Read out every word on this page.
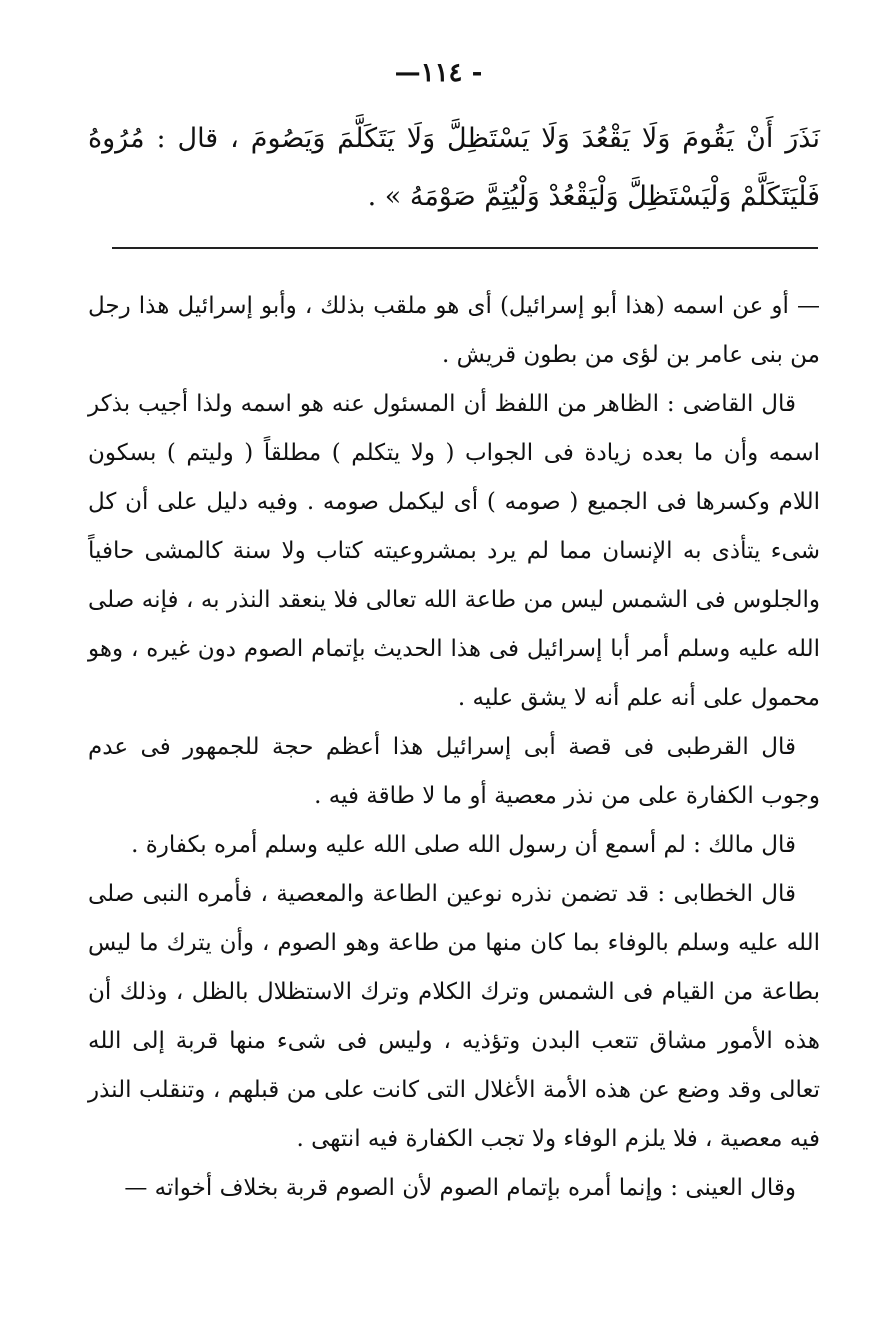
—١١٤ -
نَذَرَ أَنْ يَقُومَ وَلَا يَقْعُدَ وَلَا يَسْتَظِلَّ وَلَا يَتَكَلَّمَ وَيَصُومَ ، قال : مُرُوهُ فَلْيَتَكَلَّمْ وَلْيَسْتَظِلَّ وَلْيَقْعُدْ وَلْيُتِمَّ صَوْمَهُ » .

— أو عن اسمه (هذا أبو إسرائيل) أى هو ملقب بذلك ، وأبو إسرائيل هذا رجل من بنى عامر بن لؤى من بطون قريش .

قال القاضى : الظاهر من اللفظ أن المسئول عنه هو اسمه ولذا أجيب بذكر اسمه وأن ما بعده زيادة فى الجواب ( ولا يتكلم ) مطلقاً ( وليتم ) بسكون اللام وكسرها فى الجميع ( صومه ) أى ليكمل صومه . وفيه دليل على أن كل شىء يتأذى به الإنسان مما لم يرد بمشروعيته كتاب ولا سنة كالمشى حافياً والجلوس فى الشمس ليس من طاعة الله تعالى فلا ينعقد النذر به ، فإنه صلى الله عليه وسلم أمر أبا إسرائيل فى هذا الحديث بإتمام الصوم دون غيره ، وهو محمول على أنه علم أنه لا يشق عليه .

قال القرطبى فى قصة أبى إسرائيل هذا أعظم حجة للجمهور فى عدم وجوب الكفارة على من نذر معصية أو ما لا طاقة فيه .

قال مالك : لم أسمع أن رسول الله صلى الله عليه وسلم أمره بكفارة .

قال الخطابى : قد تضمن نذره نوعين الطاعة والمعصية ، فأمره النبى صلى الله عليه وسلم بالوفاء بما كان منها من طاعة وهو الصوم ، وأن يترك ما ليس بطاعة من القيام فى الشمس وترك الكلام وترك الاستظلال بالظل ، وذلك أن هذه الأمور مشاق تتعب البدن وتؤذيه ، وليس فى شىء منها قربة إلى الله تعالى وقد وضع عن هذه الأمة الأغلال التى كانت على من قبلهم ، وتنقلب النذر فيه معصية ، فلا يلزم الوفاء ولا تجب الكفارة فيه انتهى .

وقال العينى : وإنما أمره بإتمام الصوم لأن الصوم قربة بخلاف أخواته —
